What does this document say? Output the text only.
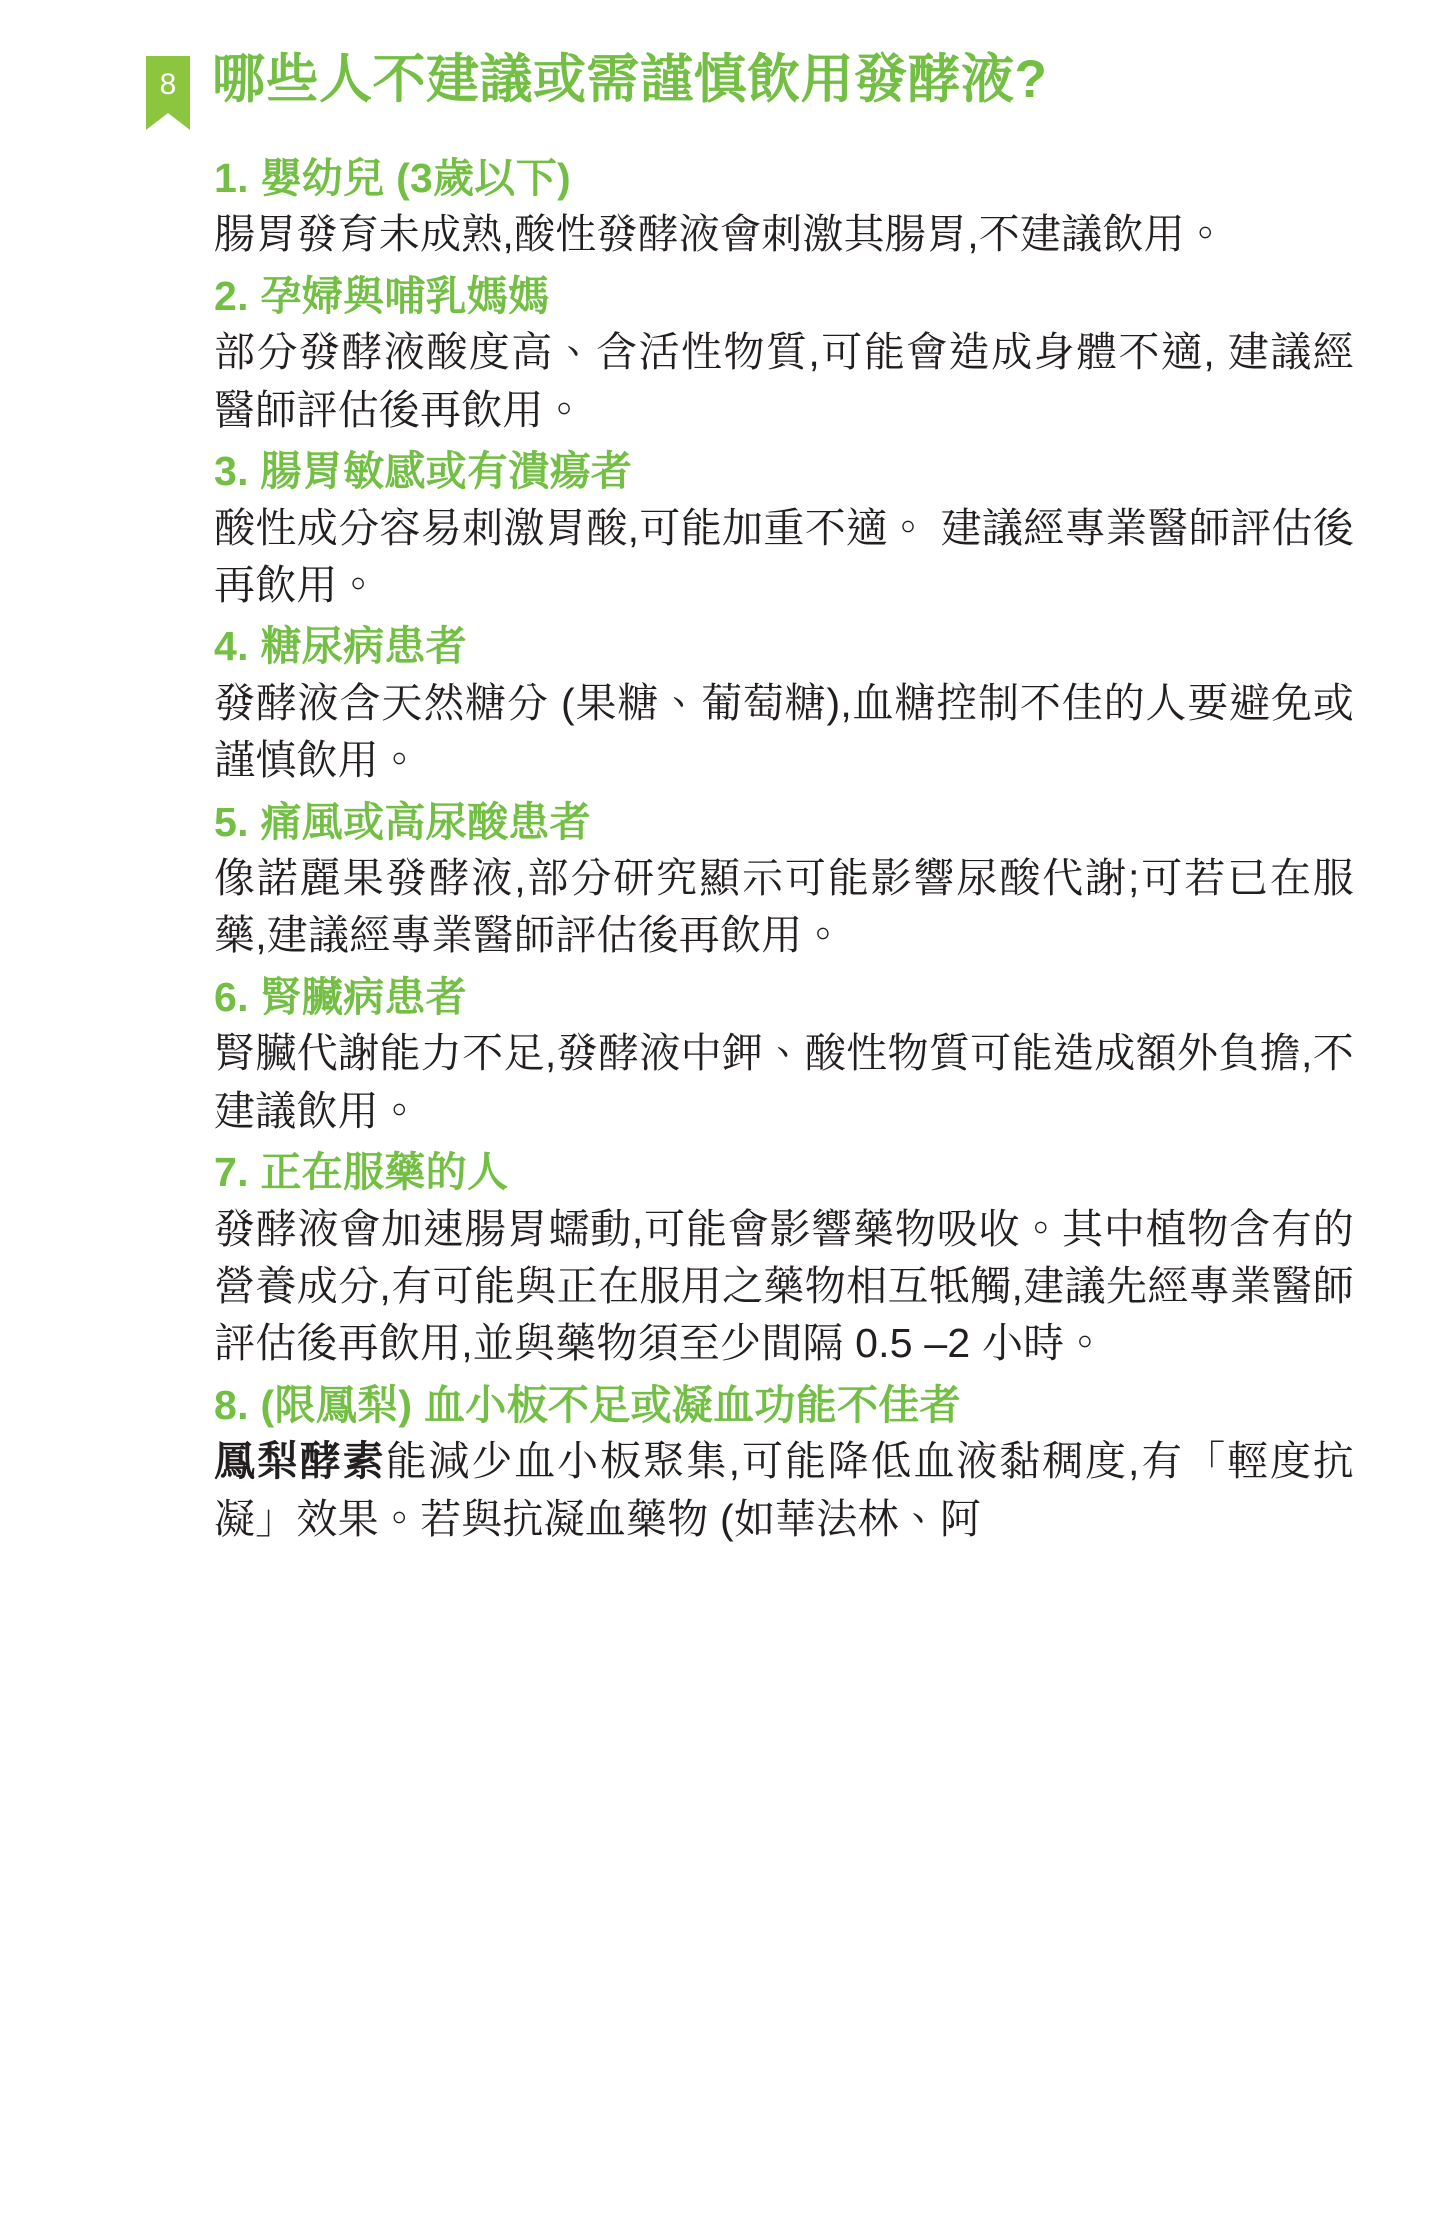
8 哪些人不建議或需謹慎飲用發酵液?
1. 嬰幼兒 (3歲以下)
腸胃發育未成熟,酸性發酵液會刺激其腸胃,不建議飲用。
2. 孕婦與哺乳媽媽
部分發酵液酸度高、含活性物質,可能會造成身體不適, 建議經醫師評估後再飲用。
3. 腸胃敏感或有潰瘍者
酸性成分容易刺激胃酸,可能加重不適。 建議經專業醫師評估後再飲用。
4. 糖尿病患者
發酵液含天然糖分 (果糖、葡萄糖),血糖控制不佳的人要避免或謹慎飲用。
5. 痛風或高尿酸患者
像諾麗果發酵液,部分研究顯示可能影響尿酸代謝;可若已在服藥,建議經專業醫師評估後再飲用。
6. 腎臟病患者
腎臟代謝能力不足,發酵液中鉀、酸性物質可能造成額外負擔,不建議飲用。
7. 正在服藥的人
發酵液會加速腸胃蠕動,可能會影響藥物吸收。其中植物含有的營養成分,有可能與正在服用之藥物相互牴觸,建議先經專業醫師評估後再飲用,並與藥物須至少間隔 0.5 –2 小時。
8. (限鳳梨) 血小板不足或凝血功能不佳者
鳳梨酵素能減少血小板聚集,可能降低血液黏稠度,有「輕度抗凝」效果。若與抗凝血藥物 (如華法林、阿
